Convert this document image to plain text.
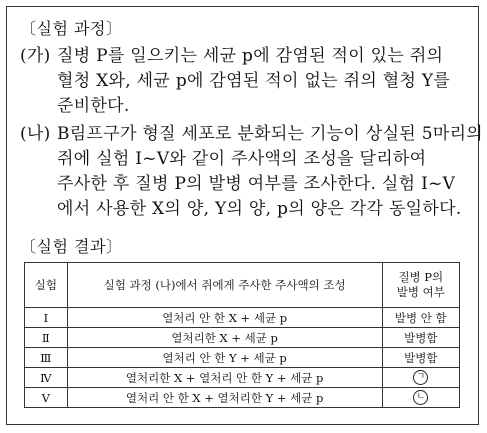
〔실험 과정〕
(가) 질병 P를 일으키는 세균 p에 감염된 적이 있는 쥐의
혈청 X와, 세균 p에 감염된 적이 없는 쥐의 혈청 Y를
준비한다.
(나) B림프구가 형질 세포로 분화되는 기능이 상실된 5마리의
쥐에 실험 Ⅰ~Ⅴ와 같이 주사액의 조성을 달리하여
주사한 후 질병 P의 발병 여부를 조사한다. 실험 Ⅰ~Ⅴ
에서 사용한 X의 양, Y의 양, p의 양은 각각 동일하다.
〔실험 결과〕
실험	실험 과정 (나)에서 쥐에게 주사한 주사액의 조성	질병 P의
발병 여부

Ⅰ	열처리 안 한 X + 세균 p	발병 안 함
Ⅱ	열처리한 X + 세균 p	발병함
Ⅲ	열처리 안 한 Y + 세균 p	발병함
Ⅳ	열처리한 X + 열처리 안 한 Y + 세균 p	ㄱ
Ⅴ	열처리 안 한 X + 열처리한 Y + 세균 p	ㄴ
